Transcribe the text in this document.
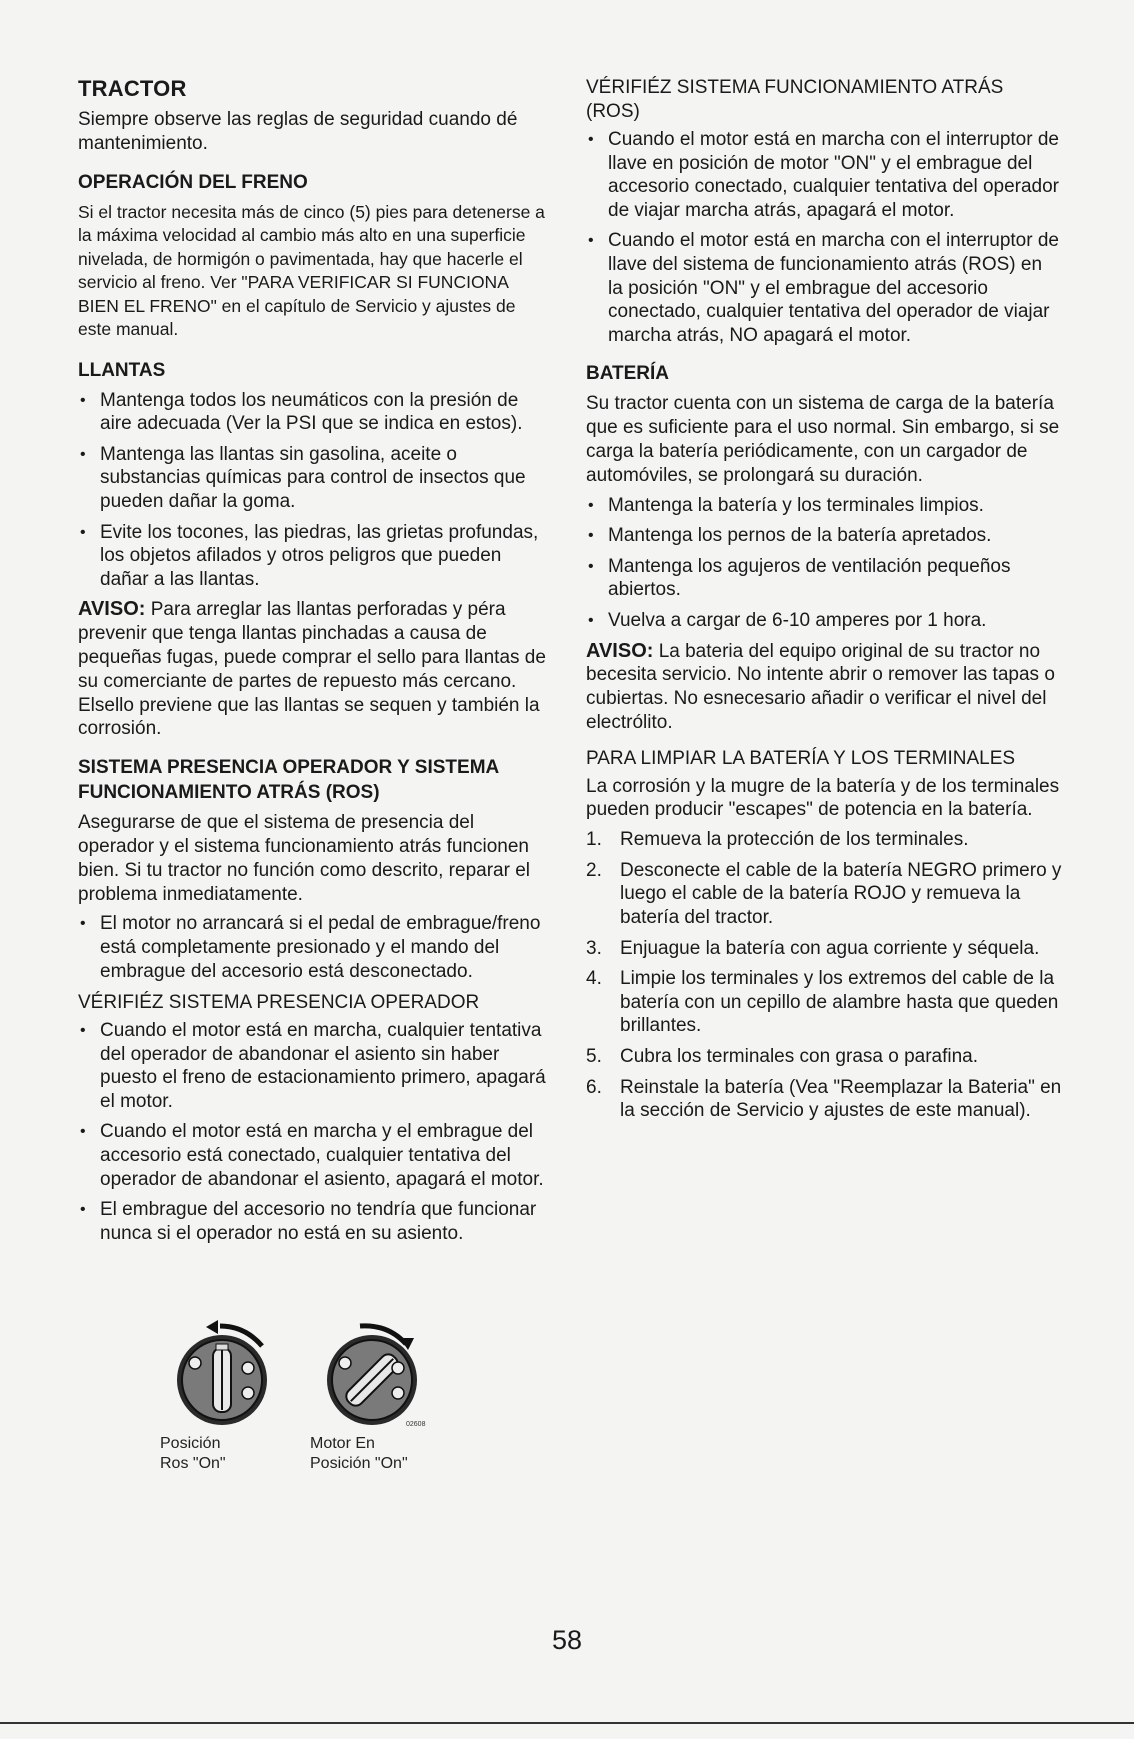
TRACTOR

Siempre observe las reglas de seguridad cuando dé mantenimiento.

OPERACIÓN DEL FRENO

Si el tractor necesita más de cinco (5) pies para detenerse a la máxima velocidad al cambio más alto en una superficie nivelada, de hormigón o pavimentada, hay que hacerle el servicio al freno. Ver "PARA VERIFICAR SI FUNCIONA BIEN EL FRENO" en el capítulo de Servicio y ajustes de este manual.

LLANTAS
• Mantenga todos los neumáticos con la presión de aire adecuada (Ver la PSI que se indica en estos).
• Mantenga las llantas sin gasolina, aceite o substancias químicas para control de insectos que pueden dañar la goma.
• Evite los tocones, las piedras, las grietas profundas, los objetos afilados y otros peligros que pueden dañar a las llantas.

AVISO: Para arreglar las llantas perforadas y péra prevenir que tenga llantas pinchadas a causa de pequeñas fugas, puede comprar el sello para llantas de su comerciante de partes de repuesto más cercano. Elsello previene que las llantas se sequen y también la corrosión.

SISTEMA PRESENCIA OPERADOR Y SISTEMA FUNCIONAMIENTO ATRÁS (ROS)

Asegurarse de que el sistema de presencia del operador y el sistema funcionamiento atrás funcionen bien. Si tu tractor no función como descrito, reparar el problema inmediatamente.

• El motor no arrancará si el pedal de embrague/freno está completamente presionado y el mando del embrague del accesorio está desconectado.
VÉRIFIÉZ SISTEMA PRESENCIA OPERADOR
• Cuando el motor está en marcha, cualquier tentativa del operador de abandonar el asiento sin haber puesto el freno de estacionamiento primero, apagará el motor.
• Cuando el motor está en marcha y el embrague del accesorio está conectado, cualquier tentativa del operador de abandonar el asiento, apagará el motor.
• El embrague del accesorio no tendría que funcionar nunca si el operador no está en su asiento.
VÉRIFIÉZ SISTEMA FUNCIONAMIENTO ATRÁS (ROS)
• Cuando el motor está en marcha con el interruptor de llave en posición de motor "ON" y el embrague del accesorio conectado, cualquier tentativa del operador de viajar marcha atrás, apagará el motor.
• Cuando el motor está en marcha con el interruptor de llave del sistema de funcionamiento atrás (ROS) en la posición "ON" y el embrague del accesorio conectado, cualquier tentativa del operador de viajar marcha atrás, NO apagará el motor.
BATERÍA

Su tractor cuenta con un sistema de carga de la batería que es suficiente para el uso normal. Sin embargo, si se carga la batería periódicamente, con un cargador de automóviles, se prolongará su duración.

• Mantenga la batería y los terminales limpios.
• Mantenga los pernos de la batería apretados.
• Mantenga los agujeros de ventilación pequeños abiertos.
• Vuelva a cargar de 6-10 amperes por 1 hora.

AVISO: La bateria del equipo original de su tractor no becesita servicio. No intente abrir o remover las tapas o cubiertas. No esnecesario añadir o verificar el nivel del electrólito.

PARA LIMPIAR LA BATERÍA Y LOS TERMINALES

La corrosión y la mugre de la batería y de los terminales pueden producir "escapes" de potencia en la batería.

1. Remueva la protección de los terminales.
2. Desconecte el cable de la batería NEGRO primero y luego el cable de la batería ROJO y remueva la batería del tractor.
3. Enjuague la batería con agua corriente y séquela.
4. Limpie los terminales y los extremos del cable de la batería con un cepillo de alambre hasta que queden brillantes.
5. Cubra los terminales con grasa o parafina.
6. Reinstale la batería (Vea "Reemplazar la Bateria" en la sección de Servicio y ajustes de este manual).
Posición
Ros "On"
02608
Motor En
Posición "On"
58
